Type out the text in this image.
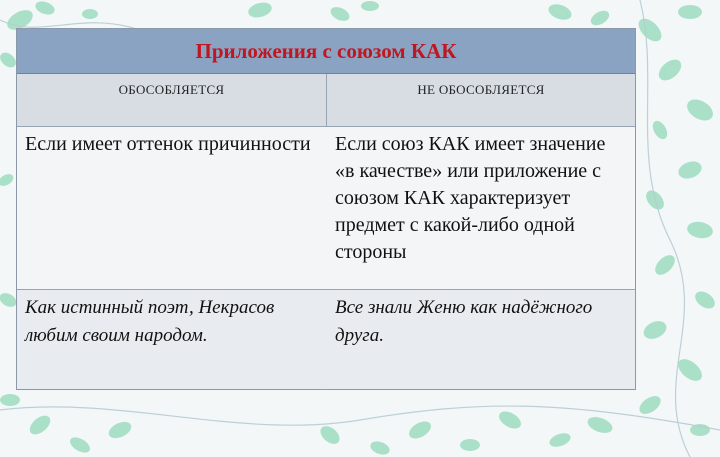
Приложения с союзом КАК
ОБОСОБЛЯЕТСЯ	НЕ ОБОСОБЛЯЕТСЯ
Если имеет оттенок причинности	Если союз КАК имеет значение «в качестве» или приложение с союзом КАК характеризует предмет с какой-либо одной стороны
Как истинный поэт, Некрасов любим своим народом.
Все знали Женю как надёжного друга.
